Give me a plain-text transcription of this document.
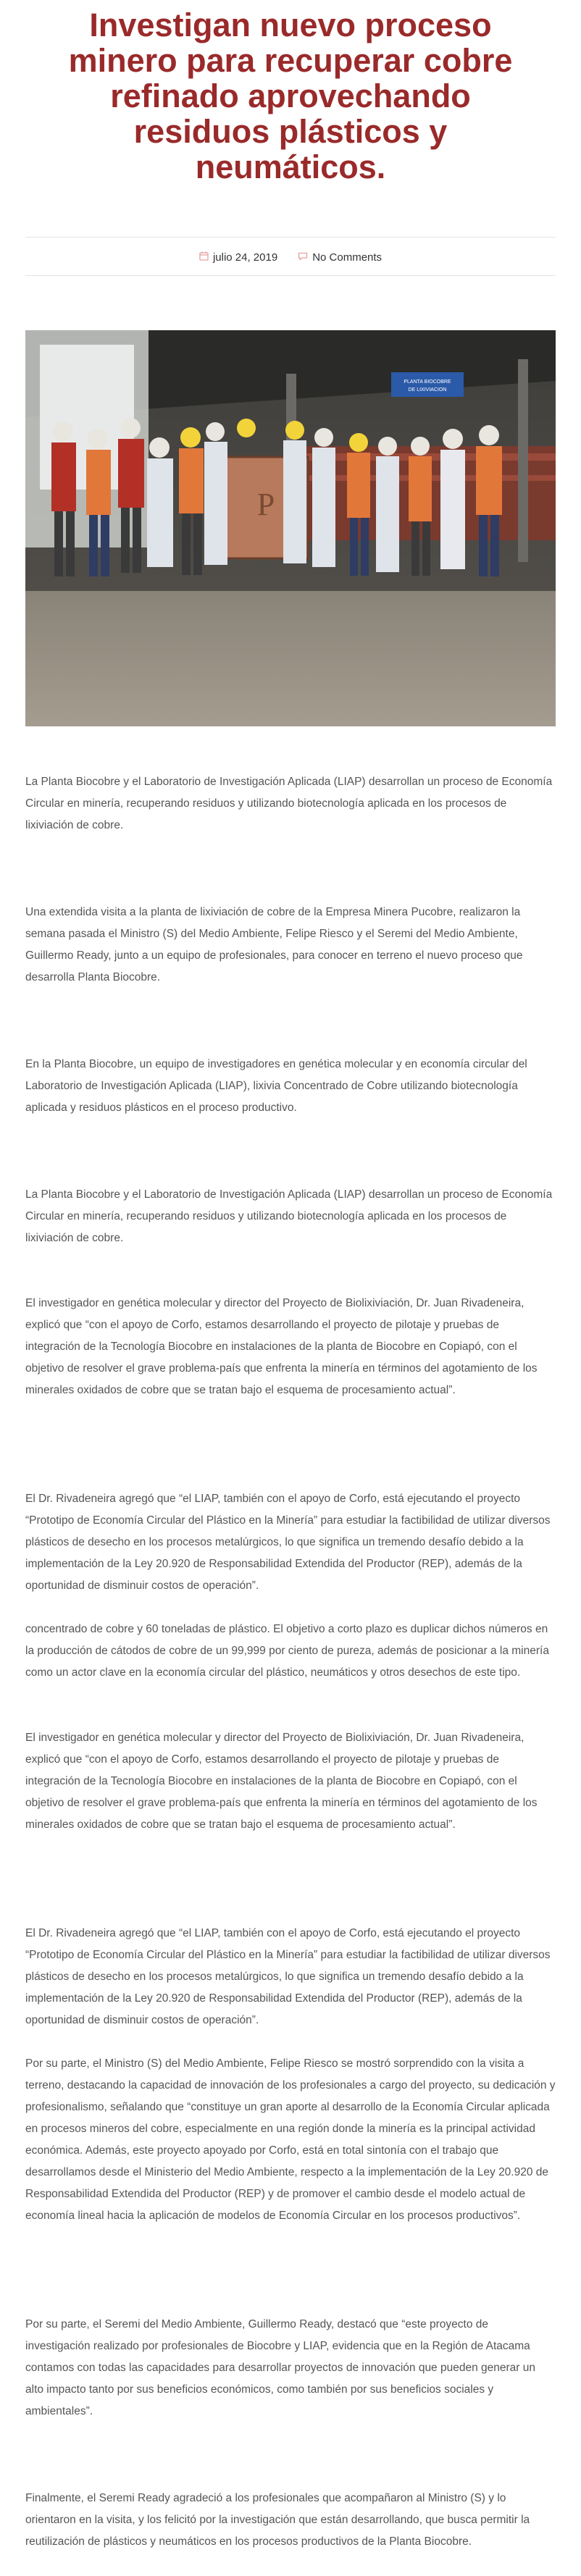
Investigan nuevo proceso minero para recuperar cobre refinado aprovechando residuos plásticos y neumáticos.
julio 24, 2019	No Comments
PLANTA BIOCOBRE
DE LIXIVIACION
P

La Planta Biocobre y el Laboratorio de Investigación Aplicada (LIAP) desarrollan un proceso de Economía Circular en minería, recuperando residuos y utilizando biotecnología aplicada en los procesos de lixiviación de cobre.

Una extendida visita a la planta de lixiviación de cobre de la Empresa Minera Pucobre, realizaron la semana pasada el Ministro (S) del Medio Ambiente, Felipe Riesco y el Seremi del Medio Ambiente, Guillermo Ready, junto a un equipo de profesionales, para conocer en terreno el nuevo proceso que desarrolla Planta Biocobre.

En la Planta Biocobre, un equipo de investigadores en genética molecular y en economía circular del Laboratorio de Investigación Aplicada (LIAP), lixivia Concentrado de Cobre utilizando biotecnología aplicada y residuos plásticos en el proceso productivo.

La Planta Biocobre y el Laboratorio de Investigación Aplicada (LIAP) desarrollan un proceso de Economía Circular en minería, recuperando residuos y utilizando biotecnología aplicada en los procesos de lixiviación de cobre.

El investigador en genética molecular y director del Proyecto de Biolixiviación, Dr. Juan Rivadeneira, explicó que “con el apoyo de Corfo, estamos desarrollando el proyecto de pilotaje y pruebas de integración de la Tecnología Biocobre en instalaciones de la planta de Biocobre en Copiapó, con el objetivo de resolver el grave problema-país que enfrenta la minería en términos del agotamiento de los minerales oxidados de cobre que se tratan bajo el esquema de procesamiento actual”.

El Dr. Rivadeneira agregó que “el LIAP, también con el apoyo de Corfo, está ejecutando el proyecto “Prototipo de Economía Circular del Plástico en la Minería” para estudiar la factibilidad de utilizar diversos plásticos de desecho en los procesos metalúrgicos, lo que significa un tremendo desafío debido a la implementación de la Ley 20.920 de Responsabilidad Extendida del Productor (REP), además de la oportunidad de disminuir costos de operación”.

concentrado de cobre y 60 toneladas de plástico. El objetivo a corto plazo es duplicar dichos números en la producción de cátodos de cobre de un 99,999 por ciento de pureza, además de posicionar a la minería como un actor clave en la economía circular del plástico, neumáticos y otros desechos de este tipo.

El investigador en genética molecular y director del Proyecto de Biolixiviación, Dr. Juan Rivadeneira, explicó que “con el apoyo de Corfo, estamos desarrollando el proyecto de pilotaje y pruebas de integración de la Tecnología Biocobre en instalaciones de la planta de Biocobre en Copiapó, con el objetivo de resolver el grave problema-país que enfrenta la minería en términos del agotamiento de los minerales oxidados de cobre que se tratan bajo el esquema de procesamiento actual”.

El Dr. Rivadeneira agregó que “el LIAP, también con el apoyo de Corfo, está ejecutando el proyecto “Prototipo de Economía Circular del Plástico en la Minería” para estudiar la factibilidad de utilizar diversos plásticos de desecho en los procesos metalúrgicos, lo que significa un tremendo desafío debido a la implementación de la Ley 20.920 de Responsabilidad Extendida del Productor (REP), además de la oportunidad de disminuir costos de operación”.

Por su parte, el Ministro (S) del Medio Ambiente, Felipe Riesco se mostró sorprendido con la visita a terreno, destacando la capacidad de innovación de los profesionales a cargo del proyecto, su dedicación y profesionalismo, señalando que “constituye un gran aporte al desarrollo de la Economía Circular aplicada en procesos mineros del cobre, especialmente en una región donde la minería es la principal actividad económica. Además, este proyecto apoyado por Corfo, está en total sintonía con el trabajo que desarrollamos desde el Ministerio del Medio Ambiente, respecto a la implementación de la Ley 20.920 de Responsabilidad Extendida del Productor (REP) y de promover el cambio desde el modelo actual de economía lineal hacia la aplicación de modelos de Economía Circular en los procesos productivos”.

Por su parte, el Seremi del Medio Ambiente, Guillermo Ready, destacó que “este proyecto de investigación realizado por profesionales de Biocobre y LIAP, evidencia que en la Región de Atacama contamos con todas las capacidades para desarrollar proyectos de innovación que pueden generar un alto impacto tanto por sus beneficios económicos, como también por sus beneficios sociales y ambientales”.

Finalmente, el Seremi Ready agradeció a los profesionales que acompañaron al Ministro (S) y lo orientaron en la visita, y los felicitó por la investigación que están desarrollando, que busca permitir la reutilización de plásticos y neumáticos en los procesos productivos de la Planta Biocobre.
